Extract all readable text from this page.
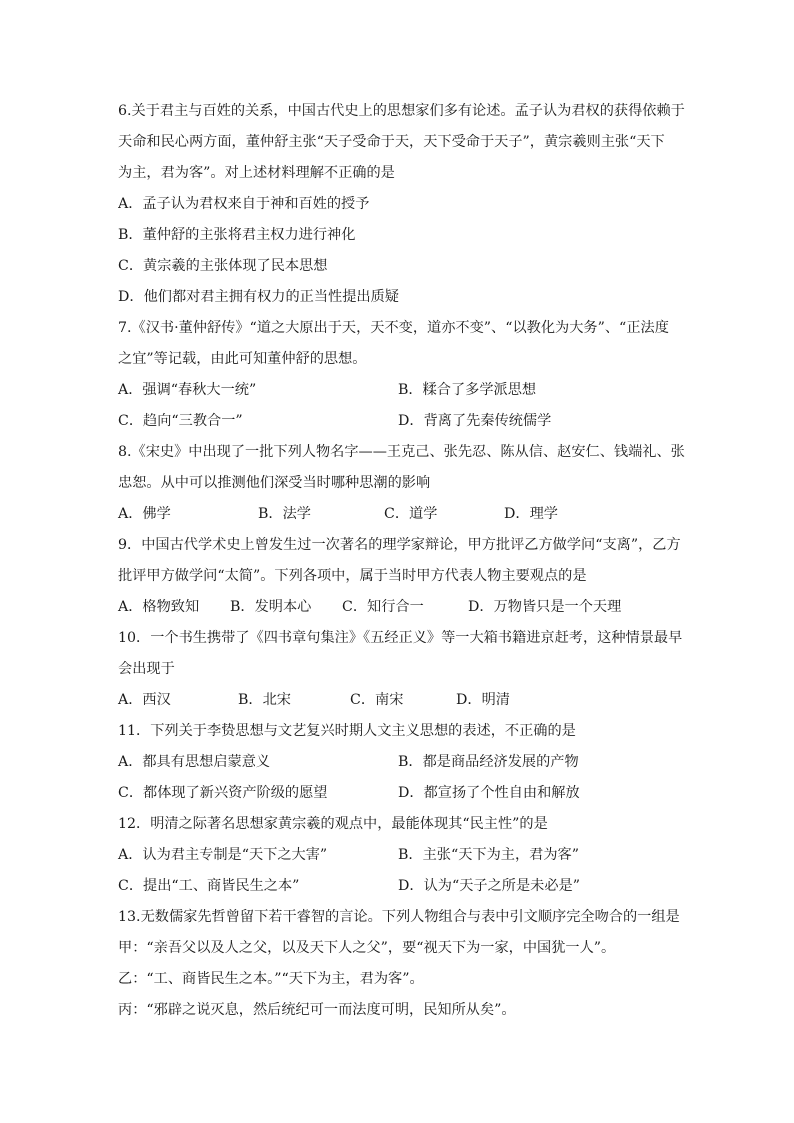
6.关于君主与百姓的关系，中国古代史上的思想家们多有论述。孟子认为君权的获得依赖于
天命和民心两方面，董仲舒主张“天子受命于天，天下受命于天子”，黄宗羲则主张“天下
为主，君为客”。对上述材料理解不正确的是
A．孟子认为君权来自于神和百姓的授予
B．董仲舒的主张将君主权力进行神化
C．黄宗羲的主张体现了民本思想
D．他们都对君主拥有权力的正当性提出质疑
7.《汉书·董仲舒传》“道之大原出于天，天不变，道亦不变”、“以教化为大务”、“正法度
之宜”等记载，由此可知董仲舒的思想。
A．强调“春秋大一统”	B．糅合了多学派思想
C．趋向“三教合一”	D．背离了先秦传统儒学
8.《宋史》中出现了一批下列人物名字——王克己、张先忍、陈从信、赵安仁、钱端礼、张
忠恕。从中可以推测他们深受当时哪种思潮的影响
A．佛学	B．法学	C．道学	D．理学
9．中国古代学术史上曾发生过一次著名的理学家辩论，甲方批评乙方做学问“支离”，乙方
批评甲方做学问“太简”。下列各项中，属于当时甲方代表人物主要观点的是
A．格物致知	B．发明本心	C．知行合一	D．万物皆只是一个天理
10．一个书生携带了《四书章句集注》《五经正义》等一大箱书籍进京赶考，这种情景最早
会出现于
A．西汉	B．北宋	C．南宋	D．明清
11．下列关于李贽思想与文艺复兴时期人文主义思想的表述，不正确的是
A．都具有思想启蒙意义	B．都是商品经济发展的产物
C．都体现了新兴资产阶级的愿望	D．都宣扬了个性自由和解放
12．明清之际著名思想家黄宗羲的观点中，最能体现其“民主性”的是
A．认为君主专制是“天下之大害”	B．主张“天下为主，君为客”
C．提出“工、商皆民生之本”	D．认为“天子之所是未必是”
13.无数儒家先哲曾留下若干睿智的言论。下列人物组合与表中引文顺序完全吻合的一组是
甲：“亲吾父以及人之父，以及天下人之父”，要“视天下为一家，中国犹一人”。
乙：“工、商皆民生之本。”“天下为主，君为客”。
丙：“邪辟之说灭息，然后统纪可一而法度可明，民知所从矣”。
